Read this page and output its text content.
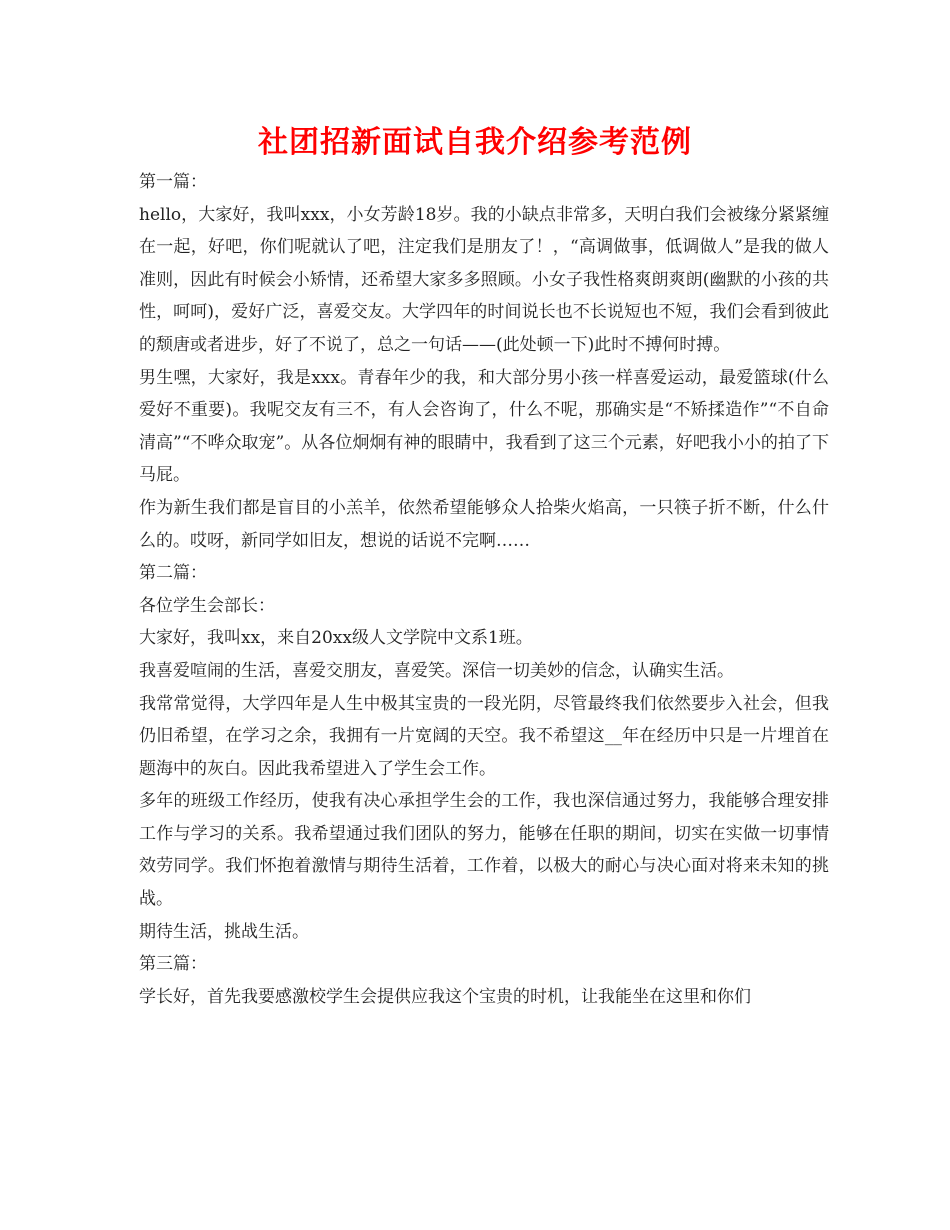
社团招新面试自我介绍参考范例

第一篇：

hello，大家好，我叫xxx，小女芳龄18岁。我的小缺点非常多，天明白我们会被缘分紧紧缠在一起，好吧，你们呢就认了吧，注定我们是朋友了！，“高调做事，低调做人”是我的做人准则，因此有时候会小矫情，还希望大家多多照顾。小女子我性格爽朗爽朗(幽默的小孩的共性，呵呵)，爱好广泛，喜爱交友。大学四年的时间说长也不长说短也不短，我们会看到彼此的颓唐或者进步，好了不说了，总之一句话——(此处顿一下)此时不搏何时搏。

男生嘿，大家好，我是xxx。青春年少的我，和大部分男小孩一样喜爱运动，最爱篮球(什么爱好不重要)。我呢交友有三不，有人会咨询了，什么不呢，那确实是“不矫揉造作”“不自命清高”“不哗众取宠”。从各位炯炯有神的眼睛中，我看到了这三个元素，好吧我小小的拍了下马屁。

作为新生我们都是盲目的小羔羊，依然希望能够众人拾柴火焰高，一只筷子折不断，什么什么的。哎呀，新同学如旧友，想说的话说不完啊……

第二篇：

各位学生会部长：

大家好，我叫xx，来自20xx级人文学院中文系1班。

我喜爱喧闹的生活，喜爱交朋友，喜爱笑。深信一切美妙的信念，认确实生活。

我常常觉得，大学四年是人生中极其宝贵的一段光阴，尽管最终我们依然要步入社会，但我仍旧希望，在学习之余，我拥有一片宽阔的天空。我不希望这__年在经历中只是一片埋首在题海中的灰白。因此我希望进入了学生会工作。

多年的班级工作经历，使我有决心承担学生会的工作，我也深信通过努力，我能够合理安排工作与学习的关系。我希望通过我们团队的努力，能够在任职的期间，切实在实做一切事情效劳同学。我们怀抱着激情与期待生活着，工作着，以极大的耐心与决心面对将来未知的挑战。

期待生活，挑战生活。

第三篇：

学长好，首先我要感激校学生会提供应我这个宝贵的时机，让我能坐在这里和你们
